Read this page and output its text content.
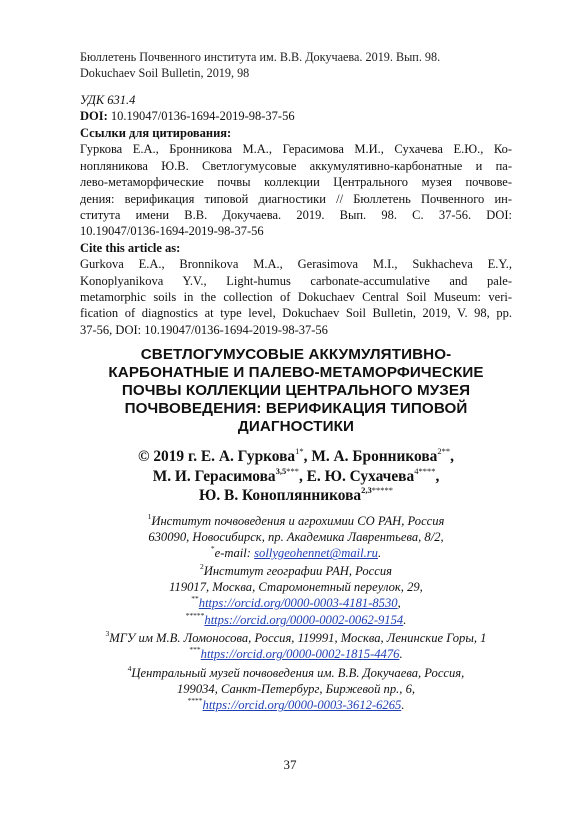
Бюллетень Почвенного института им. В.В. Докучаева. 2019. Вып. 98.
Dokuchaev Soil Bulletin, 2019, 98
УДК 631.4
DOI: 10.19047/0136-1694-2019-98-37-56
Ссылки для цитирования:
Гуркова Е.А., Бронникова М.А., Герасимова М.И., Сухачева Е.Ю., Ко-
нопляникова Ю.В. Светлогумусовые аккумулятивно-карбонатные и па-
лево-метаморфические почвы коллекции Центрального музея почвове-
дения: верификация типовой диагностики // Бюллетень Почвенного ин-
ститута имени В.В. Докучаева. 2019. Вып. 98. С. 37-56. DOI:
10.19047/0136-1694-2019-98-37-56
Cite this article as:
Gurkova E.A., Bronnikova M.A., Gerasimova M.I., Sukhacheva E.Y.,
Konoplyanikova Y.V., Light-humus carbonate-accumulative and pale-
metamorphic soils in the collection of Dokuchaev Central Soil Museum: veri-
fication of diagnostics at type level, Dokuchaev Soil Bulletin, 2019, V. 98, pp.
37-56, DOI: 10.19047/0136-1694-2019-98-37-56
СВЕТЛОГУМУСОВЫЕ АККУМУЛЯТИВНО-
КАРБОНАТНЫЕ И ПАЛЕВО-МЕТАМОРФИЧЕСКИЕ
ПОЧВЫ КОЛЛЕКЦИИ ЦЕНТРАЛЬНОГО МУЗЕЯ
ПОЧВОВЕДЕНИЯ: ВЕРИФИКАЦИЯ ТИПОВОЙ
ДИАГНОСТИКИ
© 2019 г. Е. А. Гуркова$^{1*}$, М. А. Бронникова$^{2**}$,
М. И. Герасимова$^{3,5***}$, Е. Ю. Сухачева$^{4****}$,
Ю. В. Коноплянникова$^{2,3*****}$
$^1$Институт почвоведения и агрохимии СО РАН, Россия
630090, Новосибирск, пр. Академика Лаврентьева, 8/2,
*e-mail: sollygeohennet@mail.ru.
$^2$Институт географии РАН, Россия
119017, Москва, Старомонетный переулок, 29,
**https://orcid.org/0000-0003-4181-8530,
*****https://orcid.org/0000-0002-0062-9154.
$^3$МГУ им М.В. Ломоносова, Россия, 119991, Москва, Ленинские Горы, 1
***https://orcid.org/0000-0002-1815-4476.
$^4$Центральный музей почвоведения им. В.В. Докучаева, Россия,
199034, Санкт-Петербург, Биржевой пр., 6,
****https://orcid.org/0000-0003-3612-6265.
37
